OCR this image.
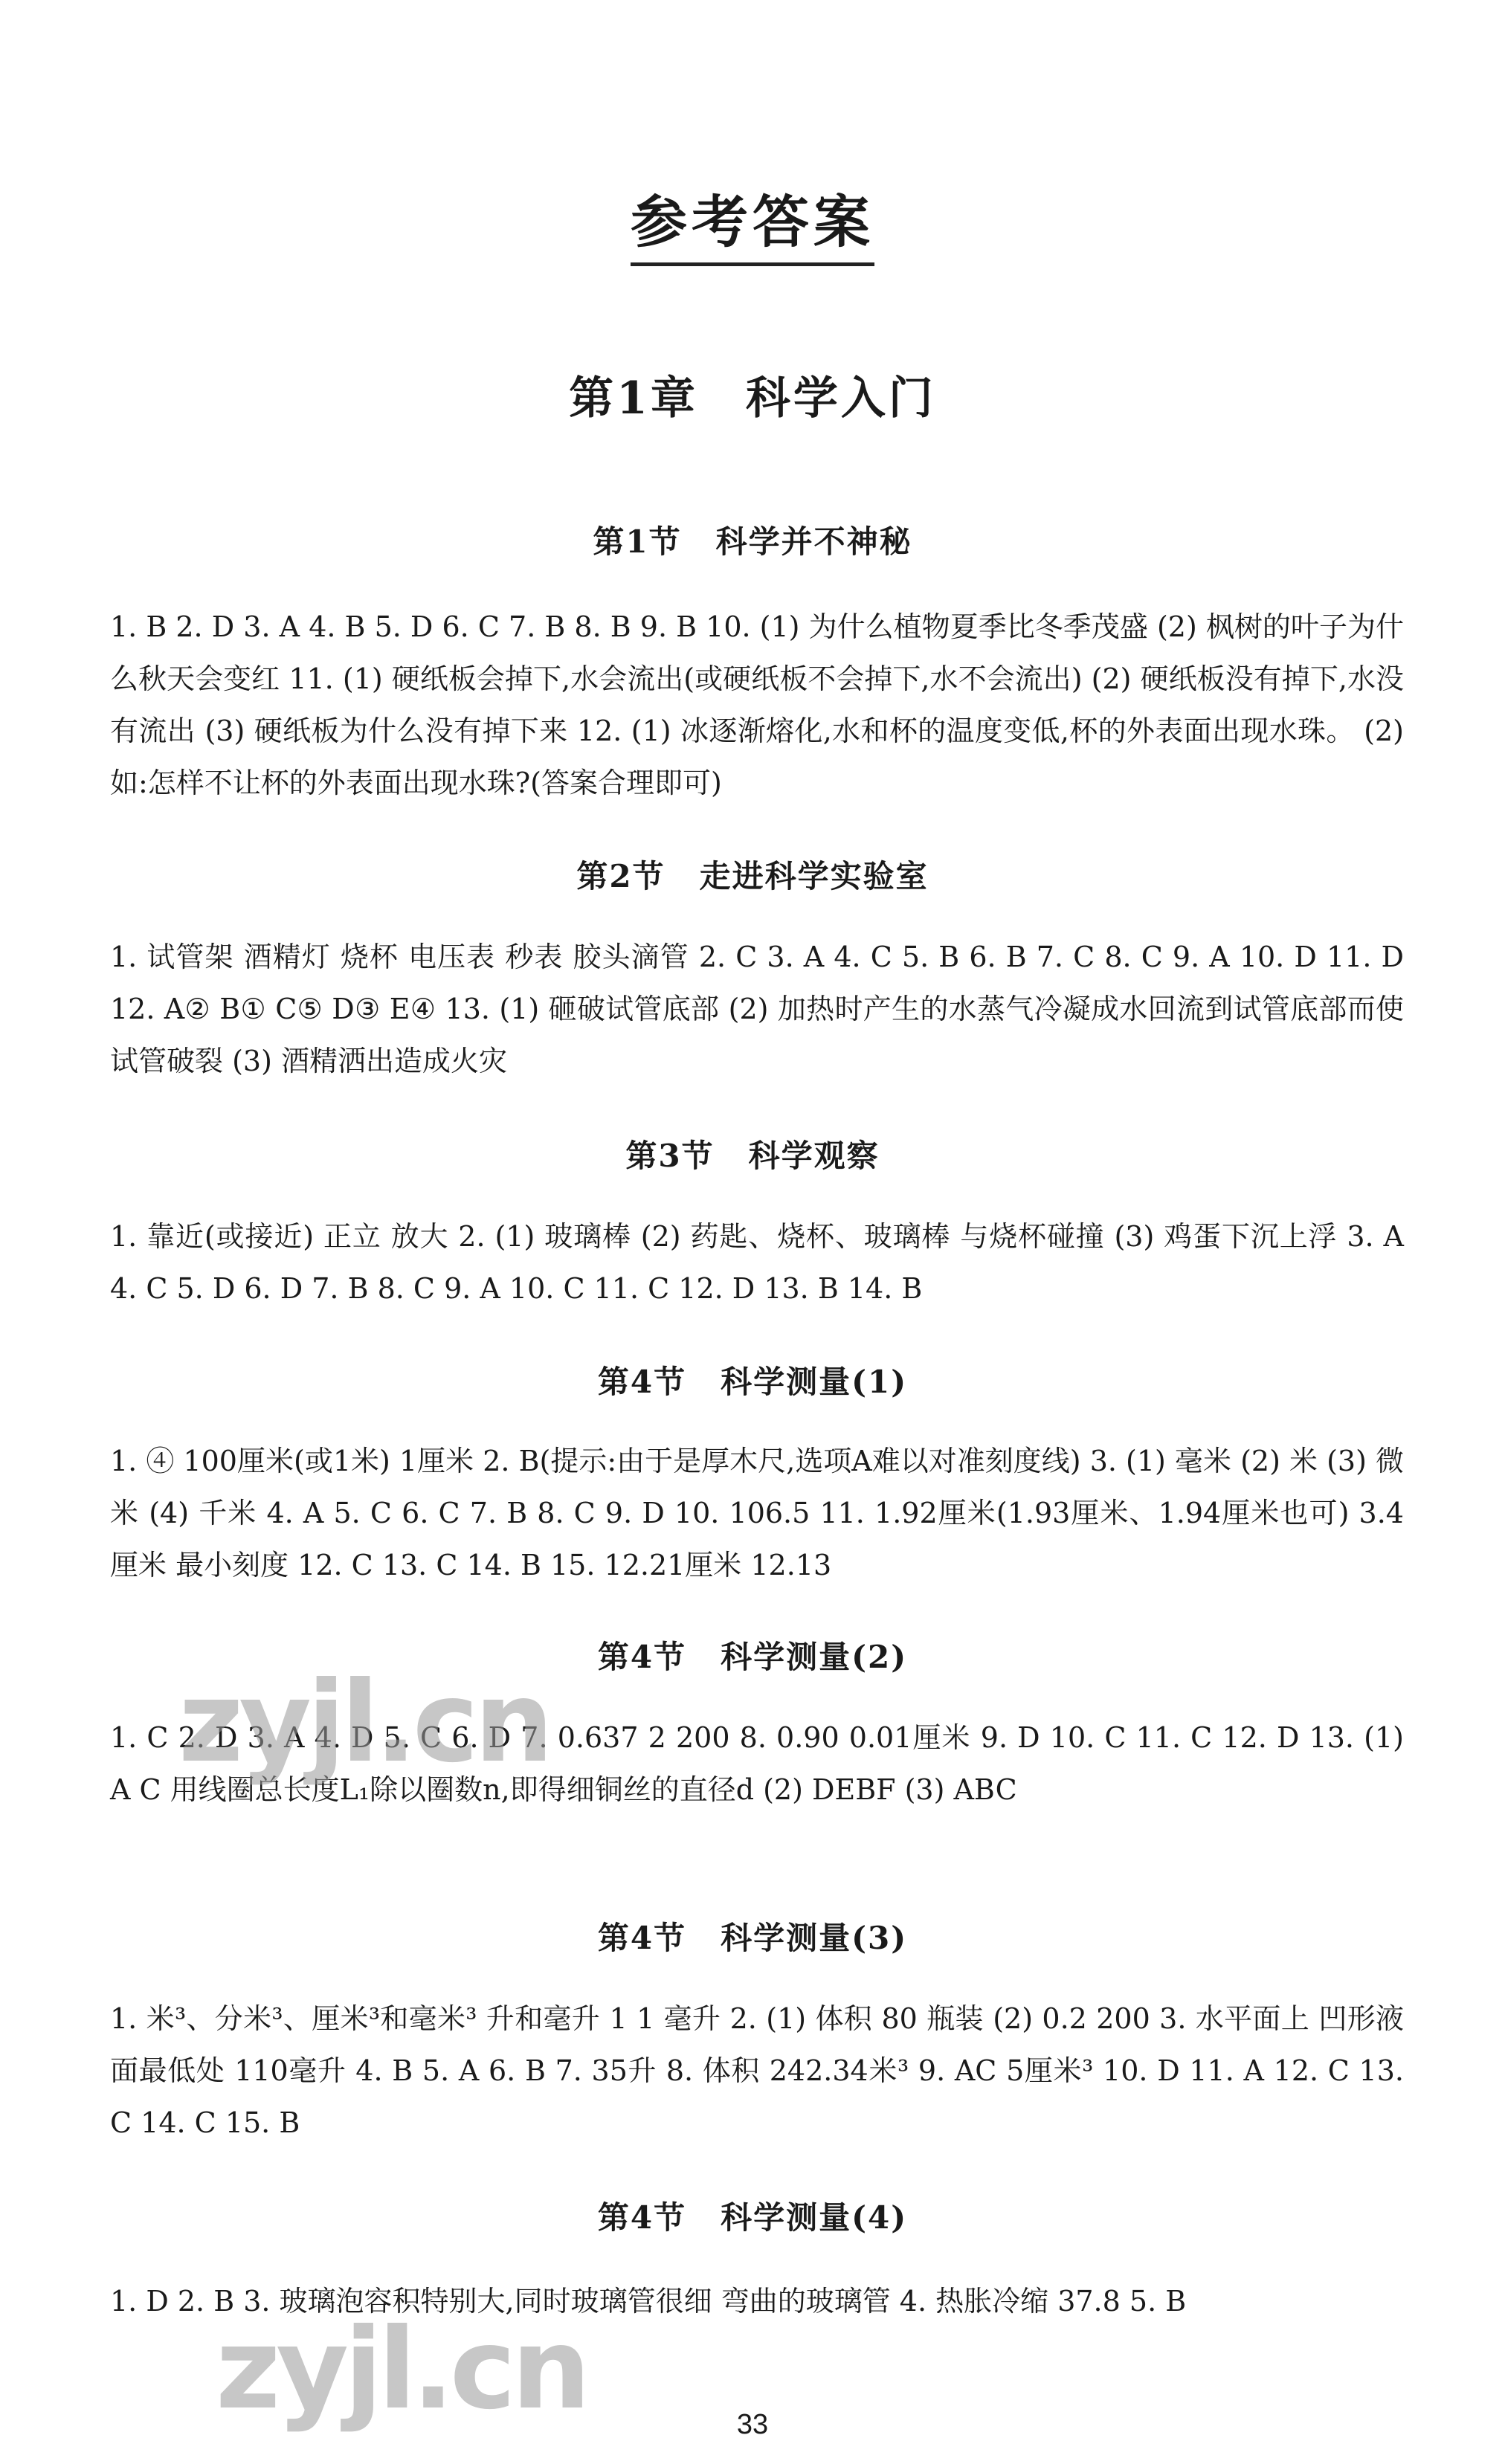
参考答案
第1章　科学入门
第1节 科学并不神秘

1. B 2. D 3. A 4. B 5. D 6. C 7. B 8. B 9. B 10. (1) 为什么植物夏季比冬季茂盛 (2) 枫树的叶子为什么秋天会变红 11. (1) 硬纸板会掉下,水会流出(或硬纸板不会掉下,水不会流出) (2) 硬纸板没有掉下,水没有流出 (3) 硬纸板为什么没有掉下来 12. (1) 冰逐渐熔化,水和杯的温度变低,杯的外表面出现水珠。 (2) 如:怎样不让杯的外表面出现水珠?(答案合理即可)

第2节 走进科学实验室

1. 试管架 酒精灯 烧杯 电压表 秒表 胶头滴管 2. C 3. A 4. C 5. B 6. B 7. C 8. C 9. A 10. D 11. D 12. A② B① C⑤ D③ E④ 13. (1) 砸破试管底部 (2) 加热时产生的水蒸气冷凝成水回流到试管底部而使试管破裂 (3) 酒精洒出造成火灾

第3节 科学观察

1. 靠近(或接近) 正立 放大 2. (1) 玻璃棒 (2) 药匙、烧杯、玻璃棒 与烧杯碰撞 (3) 鸡蛋下沉上浮 3. A 4. C 5. D 6. D 7. B 8. C 9. A 10. C 11. C 12. D 13. B 14. B

第4节 科学测量(1)

1. ④ 100厘米(或1米) 1厘米 2. B(提示:由于是厚木尺,选项A难以对准刻度线) 3. (1) 毫米 (2) 米 (3) 微米 (4) 千米 4. A 5. C 6. C 7. B 8. C 9. D 10. 106.5 11. 1.92厘米(1.93厘米、1.94厘米也可) 3.4厘米 最小刻度 12. C 13. C 14. B 15. 12.21厘米 12.13

第4节 科学测量(2)

1. C 2. D 3. A 4. D 5. C 6. D 7. 0.637 2 200 8. 0.90 0.01厘米 9. D 10. C 11. C 12. D 13. (1) A C 用线圈总长度L₁除以圈数n,即得细铜丝的直径d (2) DEBF (3) ABC

第4节 科学测量(3)

1. 米³、分米³、厘米³和毫米³ 升和毫升 1 1 毫升 2. (1) 体积 80 瓶装 (2) 0.2 200 3. 水平面上 凹形液面最低处 110毫升 4. B 5. A 6. B 7. 35升 8. 体积 242.34米³ 9. AC 5厘米³ 10. D 11. A 12. C 13. C 14. C 15. B

第4节 科学测量(4)

1. D 2. B 3. 玻璃泡容积特别大,同时玻璃管很细 弯曲的玻璃管 4. 热胀冷缩 37.8 5. B

zyjl.cn
zyjl.cn	33
